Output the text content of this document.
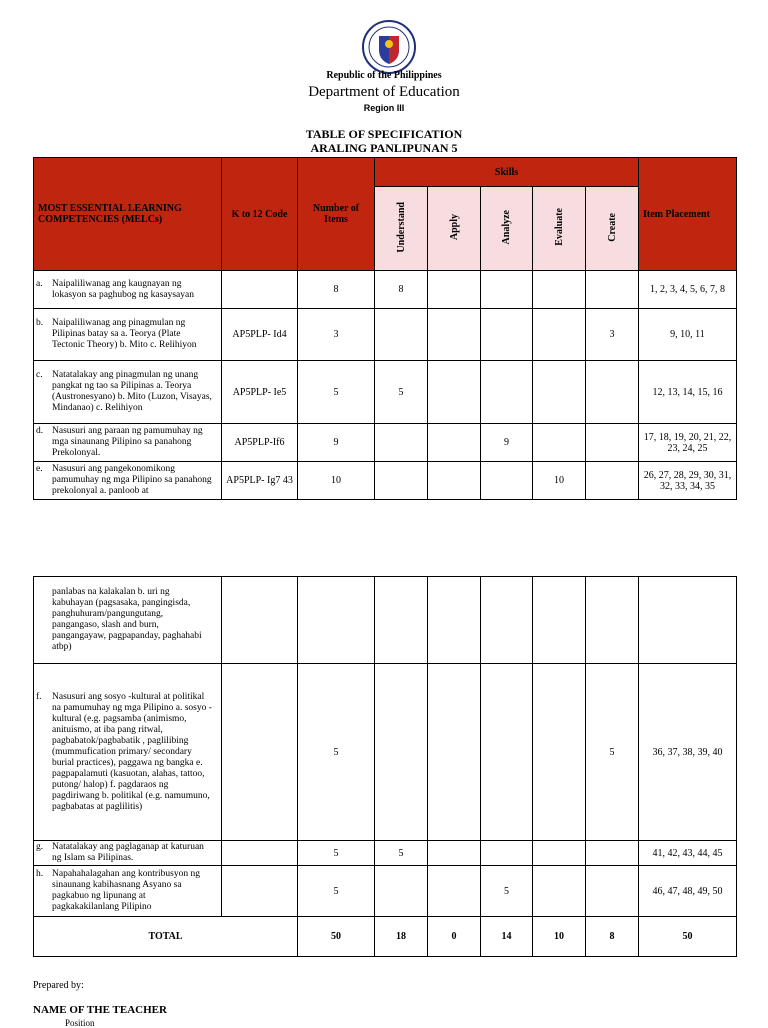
Republic of the Philippines
Department of Education
Region III
TABLE OF SPECIFICATION
ARALING PANLIPUNAN 5
MOST ESSENTIAL LEARNING COMPETENCIES (MELCs)	K to 12 Code	Number of Items	Skills					Item Placement
			Understand	Apply	Analyze	Evaluate	Create	
a. Naipaliliwanag ang kaugnayan ng lokasyon sa paghubog ng kasaysayan		8	8					1, 2, 3, 4, 5, 6, 7, 8
b. Naipaliliwanag ang pinagmulan ng Pilipinas batay sa a. Teorya (Plate Tectonic Theory) b. Mito c. Relihiyon	AP5PLP- Id4	3					3	9, 10, 11
c. Natatalakay ang pinagmulan ng unang pangkat ng tao sa Pilipinas a. Teorya (Austronesyano) b. Mito (Luzon, Visayas, Mindanao) c. Relihiyon	AP5PLP- Ie5	5	5					12, 13, 14, 15, 16
d. Nasusuri ang paraan ng pamumuhay ng mga sinaunang Pilipino sa panahong Prekolonyal.	AP5PLP-If6	9			9			17, 18, 19, 20, 21, 22, 23, 24, 25
e. Nasusuri ang pangekonomikong pamumuhay ng mga Pilipino sa panahong prekolonyal a. panloob at	AP5PLP- Ig7 43	10				10		26, 27, 28, 29, 30, 31, 32, 33, 34, 35
panlabas na kalakalan b. uri ng kabuhayan (pagsasaka, pangingisda, panghuhuram/pangungutang, pangangaso, slash and burn, pangangayaw, pagpapanday, paghahabi atbp)								
f. Nasusuri ang sosyo -kultural at politikal na pamumuhay ng mga Pilipino a. sosyo -kultural (e.g. pagsamba (animismo, anituismo, at iba pang ritwal, pagbabatok/pagbabatik , paglilibing (mummufication primary/ secondary burial practices), paggawa ng bangka e. pagpapalamuti (kasuotan, alahas, tattoo, putong/ halop) f. pagdaraos ng pagdiriwang b. politikal (e.g. namumuno, pagbabatas at paglilitis)		5					5	36, 37, 38, 39, 40
g. Natatalakay ang paglaganap at katuruan ng Islam sa Pilipinas.		5	5					41, 42, 43, 44, 45
h. Napahahalagahan ang kontribusyon ng sinaunang kabihasnang Asyano sa pagkabuo ng lipunang at pagkakakilanlang Pilipino		5			5			46, 47, 48, 49, 50
TOTAL		50	18	0	14	10	8	50
Prepared by:
NAME OF THE TEACHER
Position
